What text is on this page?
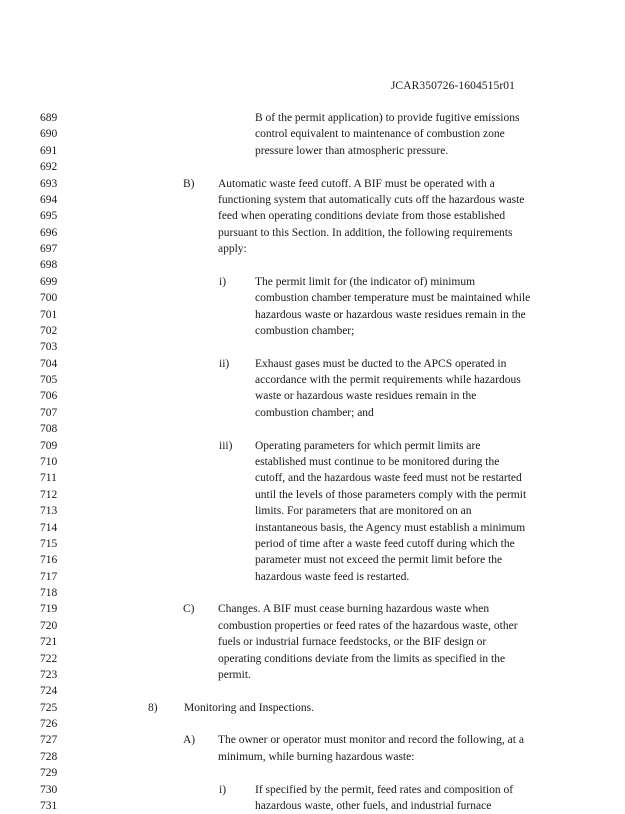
JCAR350726-1604515r01
689	B of the permit application) to provide fugitive emissions
690	control equivalent to maintenance of combustion zone
691	pressure lower than atmospheric pressure.
692
693	B) Automatic waste feed cutoff. A BIF must be operated with a
694	functioning system that automatically cuts off the hazardous waste
695	feed when operating conditions deviate from those established
696	pursuant to this Section. In addition, the following requirements
697	apply:
698
699	i)	The permit limit for (the indicator of) minimum
700	combustion chamber temperature must be maintained while
701	hazardous waste or hazardous waste residues remain in the
702	combustion chamber;
703
704	ii) Exhaust gases must be ducted to the APCS operated in
705	accordance with the permit requirements while hazardous
706	waste or hazardous waste residues remain in the
707	combustion chamber; and
708
709	iii) Operating parameters for which permit limits are
710	established must continue to be monitored during the
711	cutoff, and the hazardous waste feed must not be restarted
712	until the levels of those parameters comply with the permit
713	limits. For parameters that are monitored on an
714	instantaneous basis, the Agency must establish a minimum
715	period of time after a waste feed cutoff during which the
716	parameter must not exceed the permit limit before the
717	hazardous waste feed is restarted.
718
719	C) Changes. A BIF must cease burning hazardous waste when
720	combustion properties or feed rates of the hazardous waste, other
721	fuels or industrial furnace feedstocks, or the BIF design or
722	operating conditions deviate from the limits as specified in the
723	permit.
724
725	8) Monitoring and Inspections.
726
727	A) The owner or operator must monitor and record the following, at a
728	minimum, while burning hazardous waste:
729
730	i)	If specified by the permit, feed rates and composition of
731	hazardous waste, other fuels, and industrial furnace
